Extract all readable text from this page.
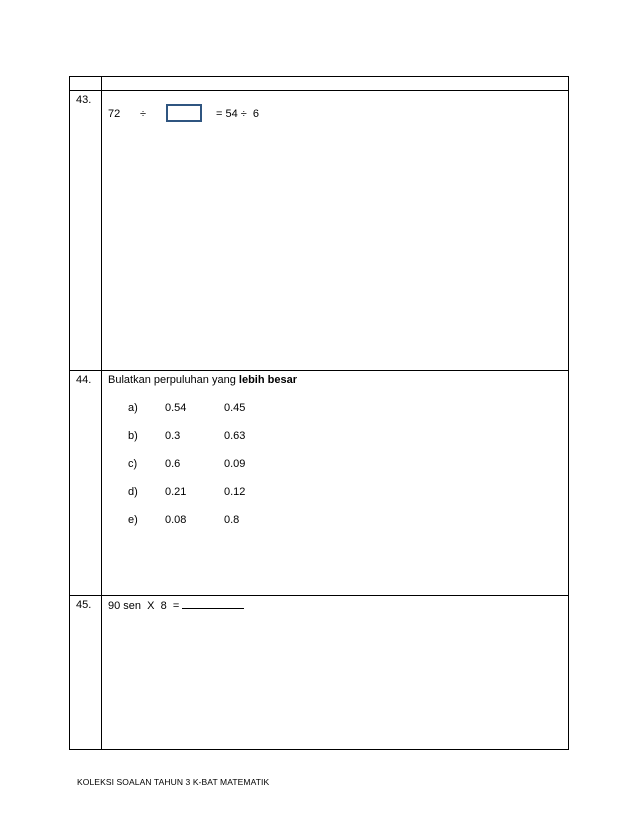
43.
72 ÷	= 54 ÷  6
44. Bulatkan perpuluhan yang lebih besar
a)	0.54	0.45
b)	0.3	0.63
c)	0.6	0.09
d)	0.21	0.12
e)	0.08	0.8
45. 90 sen  X  8  =
KOLEKSI SOALAN TAHUN 3 K-BAT MATEMATIK
